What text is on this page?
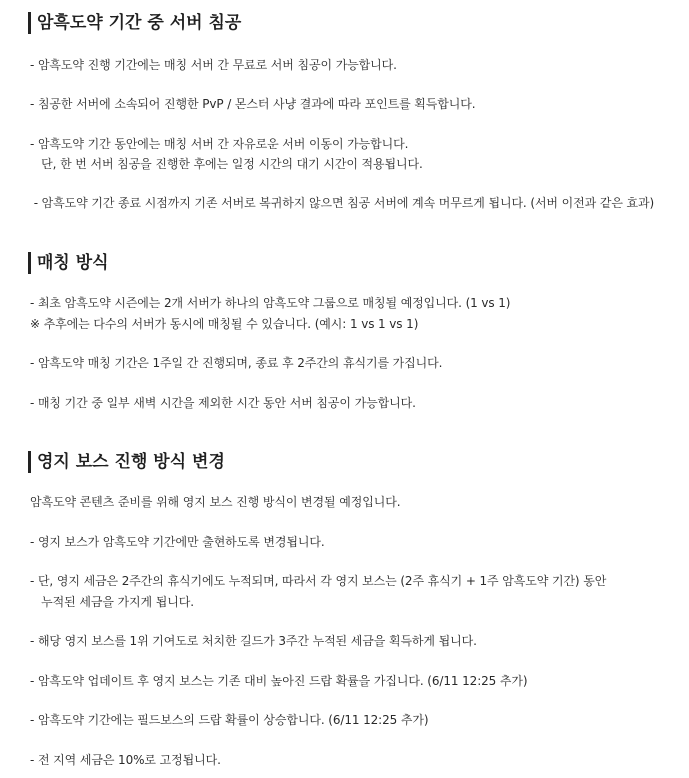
암흑도약 기간 중 서버 침공
- 암흑도약 진행 기간에는 매칭 서버 간 무료로 서버 침공이 가능합니다.
- 침공한 서버에 소속되어 진행한 PvP / 몬스터 사냥 결과에 따라 포인트를 획득합니다.
- 암흑도약 기간 동안에는 매칭 서버 간 자유로운 서버 이동이 가능합니다.
단, 한 번 서버 침공을 진행한 후에는 일정 시간의 대기 시간이 적용됩니다.
- 암흑도약 기간 종료 시점까지 기존 서버로 복귀하지 않으면 침공 서버에 계속 머무르게 됩니다. (서버 이전과 같은 효과)
매칭 방식
- 최초 암흑도약 시즌에는 2개 서버가 하나의 암흑도약 그룹으로 매칭될 예정입니다. (1 vs 1)
※ 추후에는 다수의 서버가 동시에 매칭될 수 있습니다. (예시: 1 vs 1 vs 1)
- 암흑도약 매칭 기간은 1주일 간 진행되며, 종료 후 2주간의 휴식기를 가집니다.
- 매칭 기간 중 일부 새벽 시간을 제외한 시간 동안 서버 침공이 가능합니다.
영지 보스 진행 방식 변경
암흑도약 콘텐츠 준비를 위해 영지 보스 진행 방식이 변경될 예정입니다.
- 영지 보스가 암흑도약 기간에만 출현하도록 변경됩니다.
- 단, 영지 세금은 2주간의 휴식기에도 누적되며, 따라서 각 영지 보스는 (2주 휴식기 + 1주 암흑도약 기간) 동안
누적된 세금을 가지게 됩니다.
- 해당 영지 보스를 1위 기여도로 처치한 길드가 3주간 누적된 세금을 획득하게 됩니다.
- 암흑도약 업데이트 후 영지 보스는 기존 대비 높아진 드랍 확률을 가집니다. (6/11 12:25 추가)
- 암흑도약 기간에는 필드보스의 드랍 확률이 상승합니다. (6/11 12:25 추가)
- 전 지역 세금은 10%로 고정됩니다.
